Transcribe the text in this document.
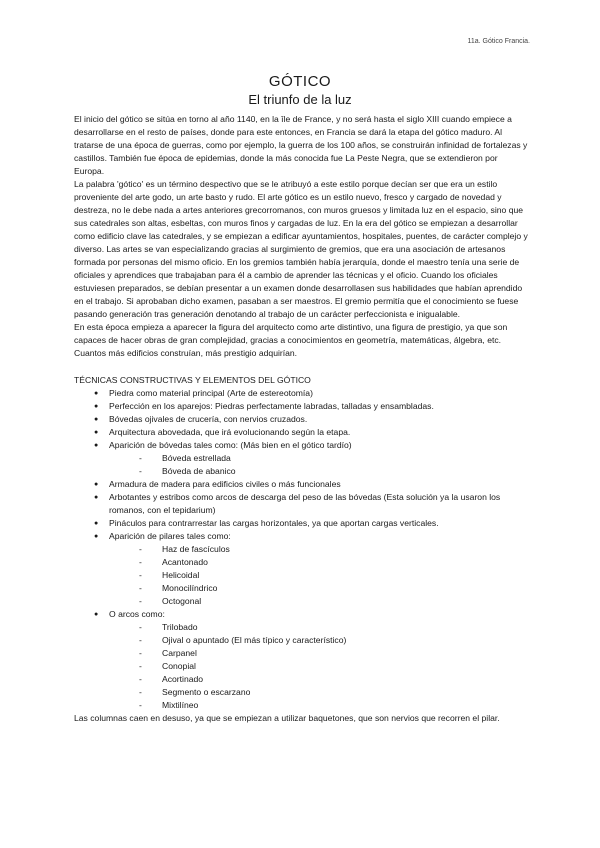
11a. Gótico Francia.
GÓTICO
El triunfo de la luz

El inicio del gótico se sitúa en torno al año 1140, en la île de France, y no será hasta el siglo XIII cuando empiece a desarrollarse en el resto de países, donde para este entonces, en Francia se dará la etapa del gótico maduro. Al tratarse de una época de guerras, como por ejemplo, la guerra de los 100 años, se construirán infinidad de fortalezas y castillos. También fue época de epidemias, donde la más conocida fue La Peste Negra, que se extendieron por Europa.

La palabra 'gótico' es un término despectivo que se le atribuyó a este estilo porque decían ser que era un estilo proveniente del arte godo, un arte basto y rudo. El arte gótico es un estilo nuevo, fresco y cargado de novedad y destreza, no le debe nada a artes anteriores grecorromanos, con muros gruesos y limitada luz en el espacio, sino que sus catedrales son altas, esbeltas, con muros finos y cargadas de luz. En la era del gótico se empiezan a desarrollar como edificio clave las catedrales, y se empiezan a edificar ayuntamientos, hospitales, puentes, de carácter complejo y diverso. Las artes se van especializando gracias al surgimiento de gremios, que era una asociación de artesanos formada por personas del mismo oficio. En los gremios también había jerarquía, donde el maestro tenía una serie de oficiales y aprendices que trabajaban para él a cambio de aprender las técnicas y el oficio. Cuando los oficiales estuviesen preparados, se debían presentar a un examen donde desarrollasen sus habilidades que habían aprendido en el trabajo. Si aprobaban dicho examen, pasaban a ser maestros. El gremio permitía que el conocimiento se fuese pasando generación tras generación denotando al trabajo de un carácter perfeccionista e inigualable.

En esta época empieza a aparecer la figura del arquitecto como arte distintivo, una figura de prestigio, ya que son capaces de hacer obras de gran complejidad, gracias a conocimientos en geometría, matemáticas, álgebra, etc. Cuantos más edificios construían, más prestigio adquirían.

TÉCNICAS CONSTRUCTIVAS Y ELEMENTOS DEL GÓTICO

● Piedra como material principal (Arte de estereotomía)
● Perfección en los aparejos: Piedras perfectamente labradas, talladas y ensambladas.
● Bóvedas ojivales de crucería, con nervios cruzados.
● Arquitectura abovedada, que irá evolucionando según la etapa.
● Aparición de bóvedas tales como: (Más bien en el gótico tardío)
- Bóveda estrellada
- Bóveda de abanico
● Armadura de madera para edificios civiles o más funcionales
● Arbotantes y estribos como arcos de descarga del peso de las bóvedas (Esta solución ya la usaron los romanos, con el tepidarium)
● Pináculos para contrarrestar las cargas horizontales, ya que aportan cargas verticales.
● Aparición de pilares tales como:
- Haz de fascículos
- Acantonado
- Helicoidal
- Monocilíndrico
- Octogonal
● O arcos como:
- Trilobado
- Ojival o apuntado (El más típico y característico)
- Carpanel
- Conopial
- Acortinado
- Segmento o escarzano
- Mixtilíneo

Las columnas caen en desuso, ya que se empiezan a utilizar baquetones, que son nervios que recorren el pilar.
